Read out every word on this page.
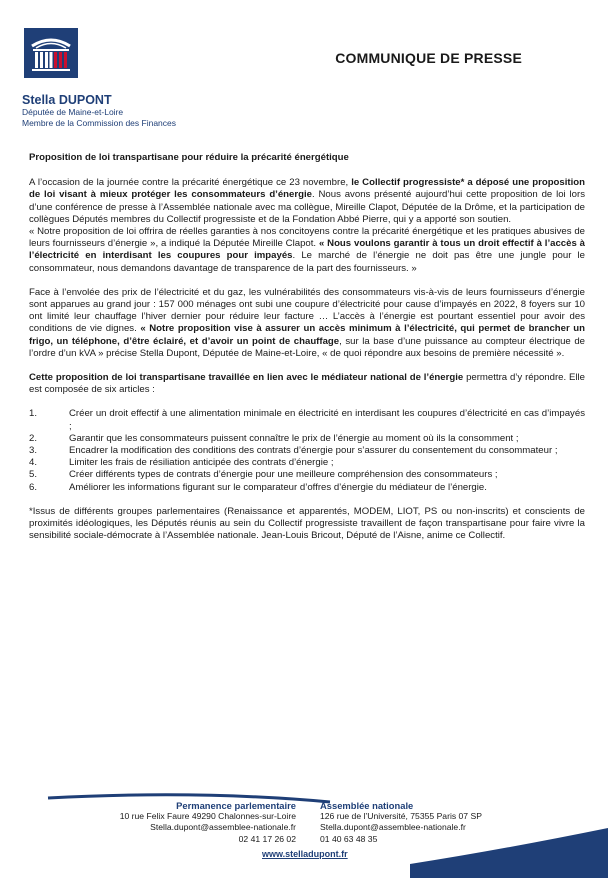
COMMUNIQUE DE PRESSE
Stella DUPONT
Députée de Maine-et-Loire
Membre de la Commission des Finances

Proposition de loi transpartisane pour réduire la précarité énergétique

A l’occasion de la journée contre la précarité énergétique ce 23 novembre, le Collectif progressiste* a déposé une proposition de loi visant à mieux protéger les consommateurs d’énergie. Nous avons présenté aujourd’hui cette proposition de loi lors d’une conférence de presse à l’Assemblée nationale avec ma collègue, Mireille Clapot, Députée de la Drôme, et la participation de collègues Députés membres du Collectif progressiste et de la Fondation Abbé Pierre, qui y a apporté son soutien.

« Notre proposition de loi offrira de réelles garanties à nos concitoyens contre la précarité énergétique et les pratiques abusives de leurs fournisseurs d’énergie », a indiqué la Députée Mireille Clapot. « Nous voulons garantir à tous un droit effectif à l’accès à l’électricité en interdisant les coupures pour impayés. Le marché de l’énergie ne doit pas être une jungle pour le consommateur, nous demandons davantage de transparence de la part des fournisseurs. »

Face à l’envolée des prix de l’électricité et du gaz, les vulnérabilités des consommateurs vis-à-vis de leurs fournisseurs d’énergie sont apparues au grand jour : 157 000 ménages ont subi une coupure d’électricité pour cause d’impayés en 2022, 8 foyers sur 10 ont limité leur chauffage l’hiver dernier pour réduire leur facture … L’accès à l’énergie est pourtant essentiel pour avoir des conditions de vie dignes. « Notre proposition vise à assurer un accès minimum à l’électricité, qui permet de brancher un frigo, un téléphone, d’être éclairé, et d’avoir un point de chauffage, sur la base d’une puissance au compteur électrique de l’ordre d’un kVA » précise Stella Dupont, Députée de Maine-et-Loire, « de quoi répondre aux besoins de première nécessité ».

Cette proposition de loi transpartisane travaillée en lien avec le médiateur national de l’énergie permettra d’y répondre. Elle est composée de six articles :

1.	Créer un droit effectif à une alimentation minimale en électricité en interdisant les coupures d’électricité en cas d’impayés ;
2.	Garantir que les consommateurs puissent connaître le prix de l’énergie au moment où ils la consomment ;
3.	Encadrer la modification des conditions des contrats d’énergie pour s’assurer du consentement du consommateur ;
4.	Limiter les frais de résiliation anticipée des contrats d’énergie ;
5.	Créer différents types de contrats d’énergie pour une meilleure compréhension des consommateurs ;
6.	Améliorer les informations figurant sur le comparateur d’offres d’énergie du médiateur de l’énergie.

*Issus de différents groupes parlementaires (Renaissance et apparentés, MODEM, LIOT, PS ou non-inscrits) et conscients de proximités idéologiques, les Députés réunis au sein du Collectif progressiste travaillent de façon transpartisane pour faire vivre la sensibilité sociale-démocrate à l’Assemblée nationale. Jean-Louis Bricout, Député de l’Aisne, anime ce Collectif.

Permanence parlementaire
10 rue Felix Faure 49290 Chalonnes-sur-Loire
Stella.dupont@assemblee-nationale.fr
02 41 17 26 02
Assemblée nationale
126 rue de l’Université, 75355 Paris 07 SP
Stella.dupont@assemblee-nationale.fr
01 40 63 48 35
www.stelladupont.fr
